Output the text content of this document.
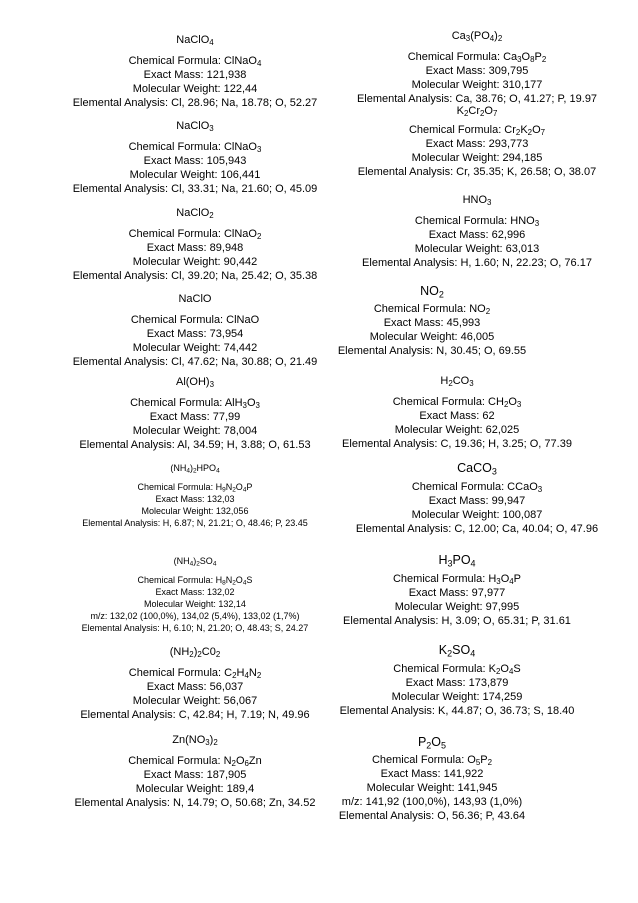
NaClO$_4$
Chemical Formula: ClNaO$_4$
Exact Mass: 121,938
Molecular Weight: 122,44
Elemental Analysis: Cl, 28.96; Na, 18.78; O, 52.27
NaClO$_3$
Chemical Formula: ClNaO$_3$
Exact Mass: 105,943
Molecular Weight: 106,441
Elemental Analysis: Cl, 33.31; Na, 21.60; O, 45.09
NaClO$_2$
Chemical Formula: ClNaO$_2$
Exact Mass: 89,948
Molecular Weight: 90,442
Elemental Analysis: Cl, 39.20; Na, 25.42; O, 35.38
NaClO
Chemical Formula: ClNaO
Exact Mass: 73,954
Molecular Weight: 74,442
Elemental Analysis: Cl, 47.62; Na, 30.88; O, 21.49
$Al(OH)_3$
Chemical Formula: $AlH_3O_3$
Exact Mass: 77,99
Molecular Weight: 78,004
Elemental Analysis: Al, 34.59; H, 3.88; O, 61.53
$(NH_4)_2HPO_4$
Chemical Formula: $H_9N_2O_4P$
Exact Mass: 132,03
Molecular Weight: 132,056
Elemental Analysis: H, 6.87; N, 21.21; O, 48.46; P, 23.45
$(NH_4)_2SO_4$
Chemical Formula: $H_8N_2O_4S$
Exact Mass: 132,02
Molecular Weight: 132,14
m/z: 132,02 (100,0%), 134,02 (5,4%), 133,02 (1,7%)
Elemental Analysis: H, 6.10; N, 21.20; O, 48.43; S, 24.27
$(NH_2)_2C0_2$
Chemical Formula: $C_2H_4N_2$
Exact Mass: 56,037
Molecular Weight: 56,067
Elemental Analysis: C, 42.84; H, 7.19; N, 49.96
$Zn(NO_3)_2$
Chemical Formula: $N_2O_6Zn$
Exact Mass: 187,905
Molecular Weight: 189,4
Elemental Analysis: N, 14.79; O, 50.68; Zn, 34.52
$Ca_3(PO_4)_2$
Chemical Formula: $Ca_3O_8P_2$
Exact Mass: 309,795
Molecular Weight: 310,177
Elemental Analysis: Ca, 38.76; O, 41.27; P, 19.97
$K_2Cr_2O_7$
Chemical Formula: $Cr_2K_2O_7$
Exact Mass: 293,773
Molecular Weight: 294,185
Elemental Analysis: Cr, 35.35; K, 26.58; O, 38.07
$HNO_3$
Chemical Formula: $HNO_3$
Exact Mass: 62,996
Molecular Weight: 63,013
Elemental Analysis: H, 1.60; N, 22.23; O, 76.17
$NO_2$
Chemical Formula: $NO_2$
Exact Mass: 45,993
Molecular Weight: 46,005
Elemental Analysis: N, 30.45; O, 69.55
$H_2CO_3$
Chemical Formula: $CH_2O_3$
Exact Mass: 62
Molecular Weight: 62,025
Elemental Analysis: C, 19.36; H, 3.25; O, 77.39
CaCO$_3$
Chemical Formula: CCaO$_3$
Exact Mass: 99,947
Molecular Weight: 100,087
Elemental Analysis: C, 12.00; Ca, 40.04; O, 47.96
$H_3PO_4$
Chemical Formula: $H_3O_4P$
Exact Mass: 97,977
Molecular Weight: 97,995
Elemental Analysis: H, 3.09; O, 65.31; P, 31.61
$K_2SO_4$
Chemical Formula: $K_2O_4S$
Exact Mass: 173,879
Molecular Weight: 174,259
Elemental Analysis: K, 44.87; O, 36.73; S, 18.40
$P_2O_5$
Chemical Formula: $O_5P_2$
Exact Mass: 141,922
Molecular Weight: 141,945
m/z: 141,92 (100,0%), 143,93 (1,0%)
Elemental Analysis: O, 56.36; P, 43.64
